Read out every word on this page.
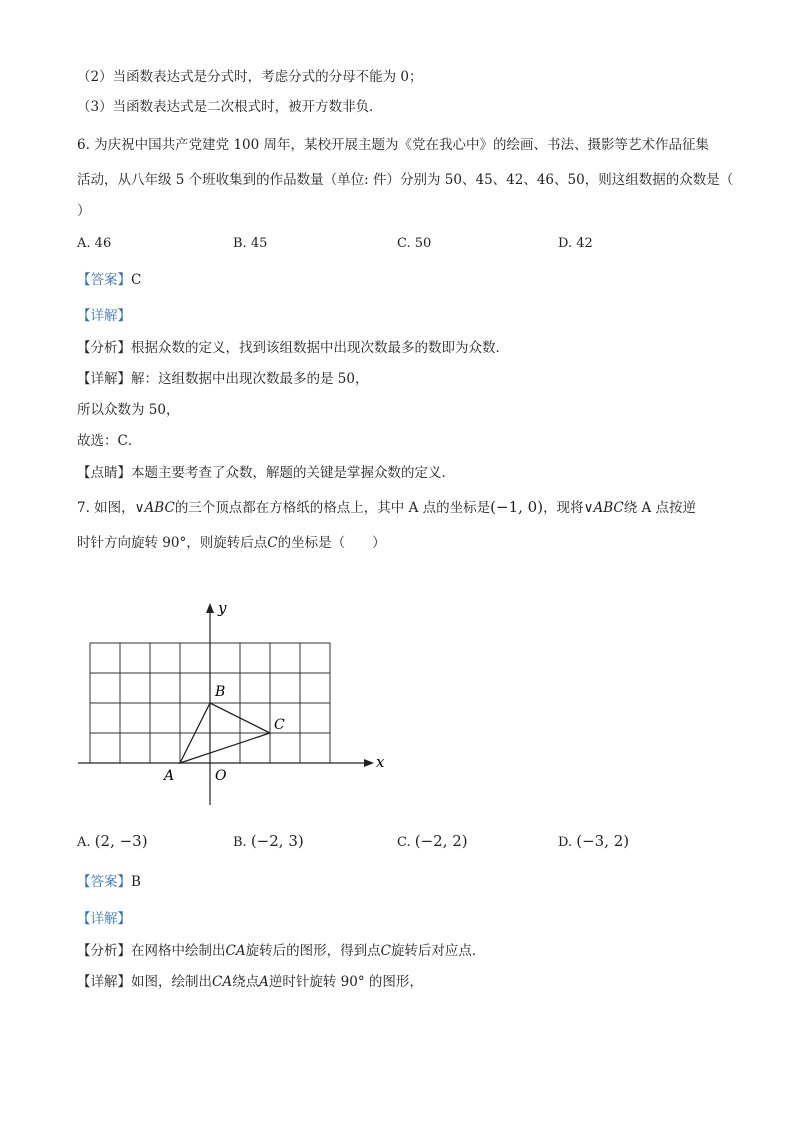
（2）当函数表达式是分式时，考虑分式的分母不能为 0；
（3）当函数表达式是二次根式时，被开方数非负．
6. 为庆祝中国共产党建党 100 周年，某校开展主题为《党在我心中》的绘画、书法、摄影等艺术作品征集
活动，从八年级 5 个班收集到的作品数量（单位: 件）分别为 50、45、42、46、50，则这组数据的众数是（
）
A. 46	B. 45	C. 50	D. 42
【答案】C
【详解】
【分析】根据众数的定义，找到该组数据中出现次数最多的数即为众数．
【详解】解：这组数据中出现次数最多的是 50，
所以众数为 50，
故选：C．
【点睛】本题主要考查了众数，解题的关键是掌握众数的定义．
7. 如图，∨ABC的三个顶点都在方格纸的格点上，其中 A 点的坐标是(−1, 0)，现将∨ABC绕 A 点按逆
时针方向旋转 90°，则旋转后点C的坐标是（　　）
x
y
A
B
C
O
A. (2, −3)	B. (−2, 3)	C. (−2, 2)	D. (−3, 2)
【答案】B
【详解】
【分析】在网格中绘制出CA旋转后的图形，得到点C旋转后对应点．
【详解】如图，绘制出CA绕点A逆时针旋转 90° 的图形，
